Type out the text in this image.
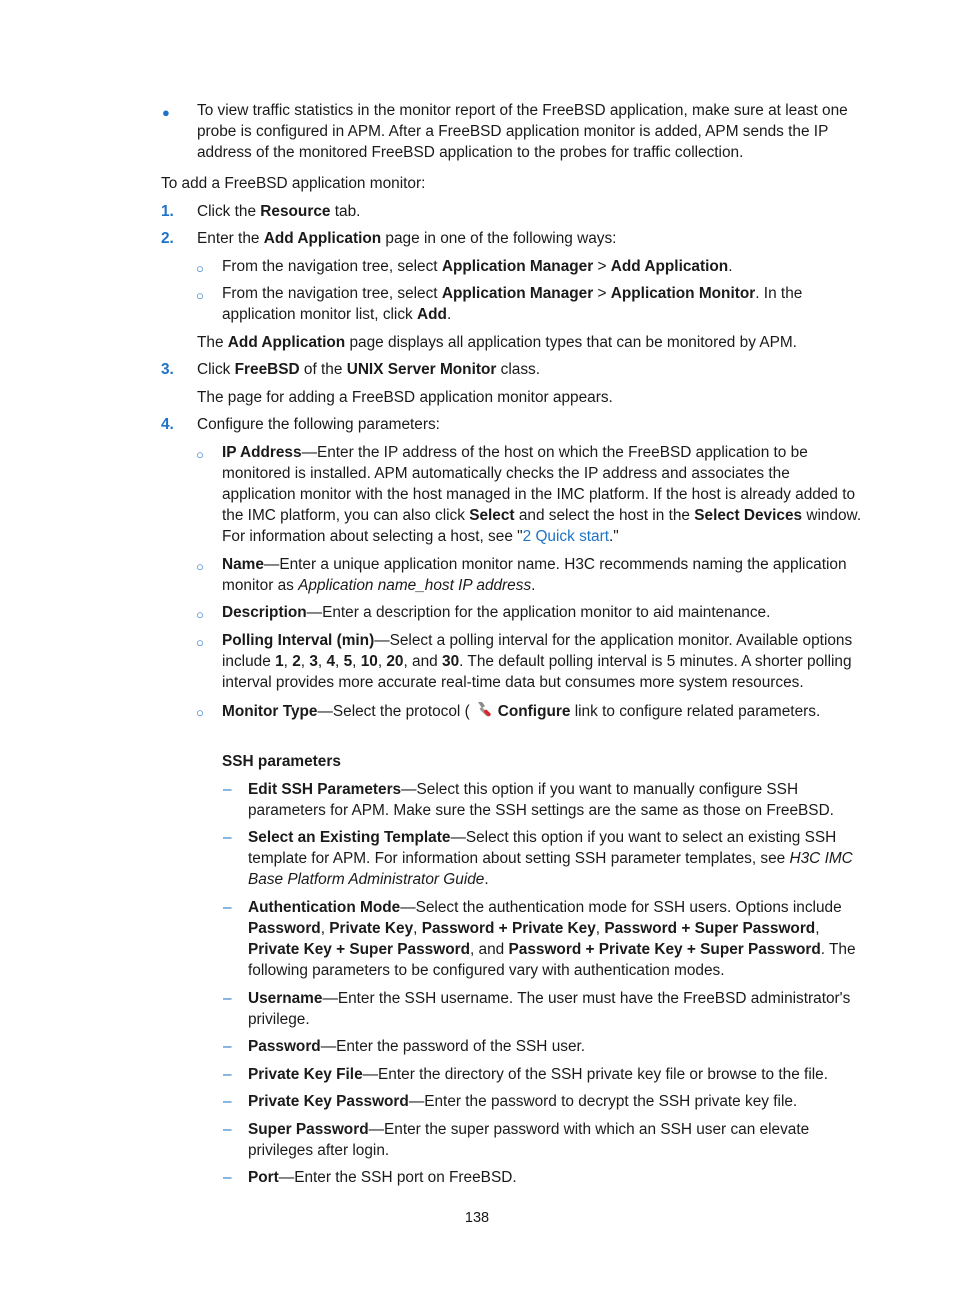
● To view traffic statistics in the monitor report of the FreeBSD application, make sure at least one probe is configured in APM. After a FreeBSD application monitor is added, APM sends the IP address of the monitored FreeBSD application to the probes for traffic collection.
To add a FreeBSD application monitor:
1. Click the Resource tab.
2. Enter the Add Application page in one of the following ways:
○ From the navigation tree, select Application Manager > Add Application.
○ From the navigation tree, select Application Manager > Application Monitor. In the application monitor list, click Add.
The Add Application page displays all application types that can be monitored by APM.
3. Click FreeBSD of the UNIX Server Monitor class.
The page for adding a FreeBSD application monitor appears.
4. Configure the following parameters:
○ IP Address—Enter the IP address of the host on which the FreeBSD application to be monitored is installed. APM automatically checks the IP address and associates the application monitor with the host managed in the IMC platform. If the host is already added to the IMC platform, you can also click Select and select the host in the Select Devices window. For information about selecting a host, see "2 Quick start."
○ Name—Enter a unique application monitor name. H3C recommends naming the application monitor as Application name_host IP address.
○ Description—Enter a description for the application monitor to aid maintenance.
○ Polling Interval (min)—Select a polling interval for the application monitor. Available options include 1, 2, 3, 4, 5, 10, 20, and 30. The default polling interval is 5 minutes. A shorter polling interval provides more accurate real-time data but consumes more system resources.
○ Monitor Type—Select the protocol ( Configure link to configure related parameters.
SSH parameters
– Edit SSH Parameters—Select this option if you want to manually configure SSH parameters for APM. Make sure the SSH settings are the same as those on FreeBSD.
– Select an Existing Template—Select this option if you want to select an existing SSH template for APM. For information about setting SSH parameter templates, see H3C IMC Base Platform Administrator Guide.
– Authentication Mode—Select the authentication mode for SSH users. Options include Password, Private Key, Password + Private Key, Password + Super Password, Private Key + Super Password, and Password + Private Key + Super Password. The following parameters to be configured vary with authentication modes.
– Username—Enter the SSH username. The user must have the FreeBSD administrator's privilege.
– Password—Enter the password of the SSH user.
– Private Key File—Enter the directory of the SSH private key file or browse to the file.
– Private Key Password—Enter the password to decrypt the SSH private key file.
– Super Password—Enter the super password with which an SSH user can elevate privileges after login.
– Port—Enter the SSH port on FreeBSD.
138
